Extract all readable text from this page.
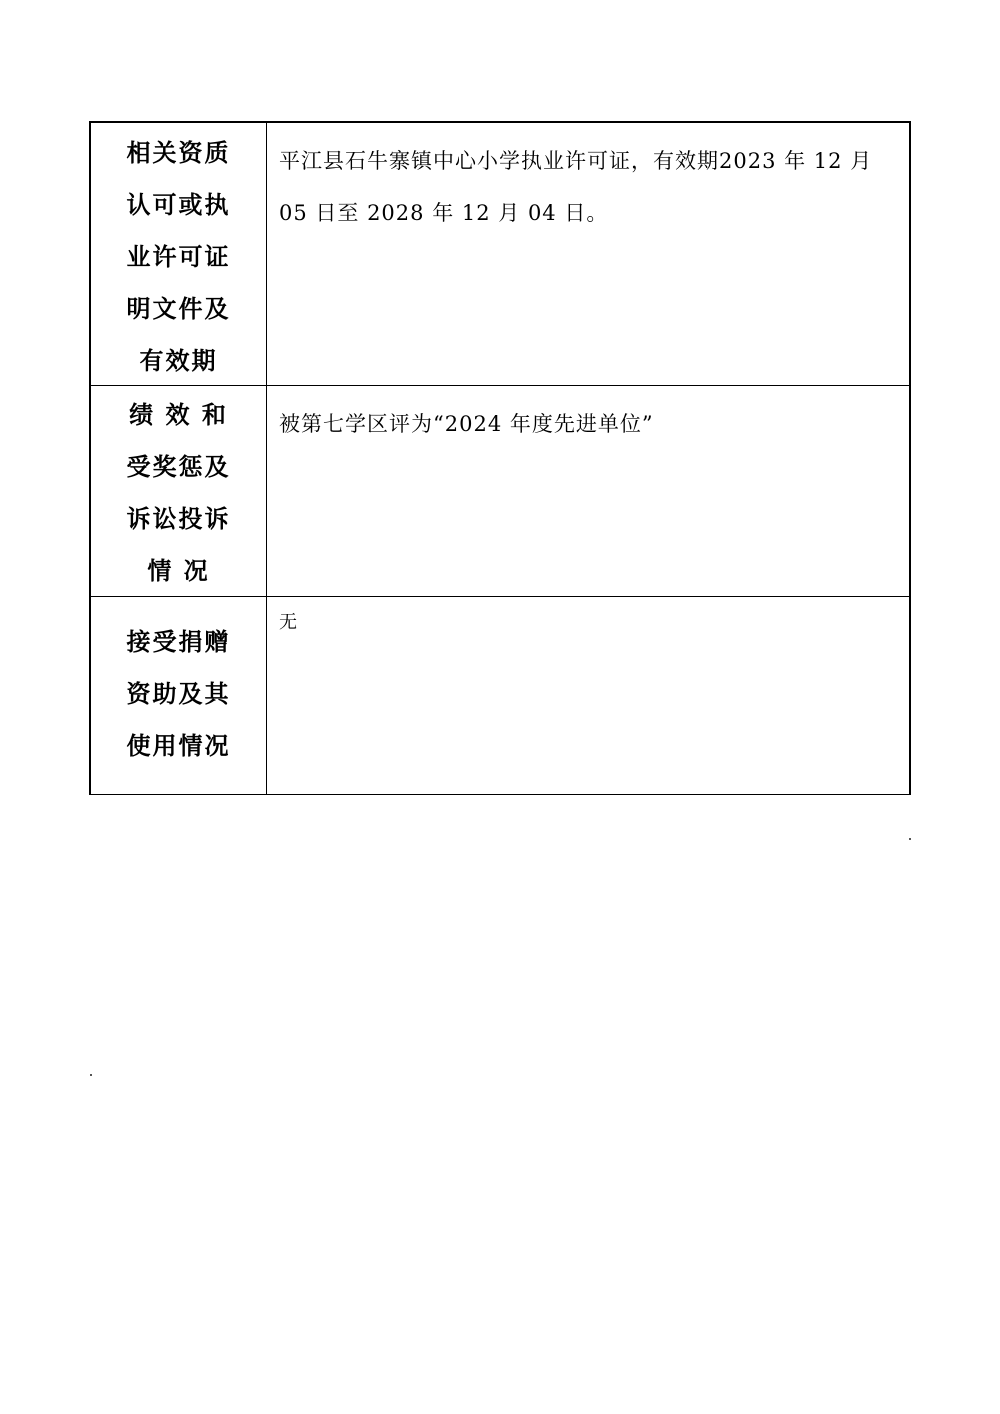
相关资质
认可或执
业许可证
明文件及
有效期
平江县石牛寨镇中心小学执业许可证，有效期2023 年 12 月 05 日至 2028 年 12 月 04 日。
绩 效 和
受奖惩及
诉讼投诉
情 况
被第七学区评为“2024 年度先进单位”
接受捐赠
资助及其
使用情况
无
